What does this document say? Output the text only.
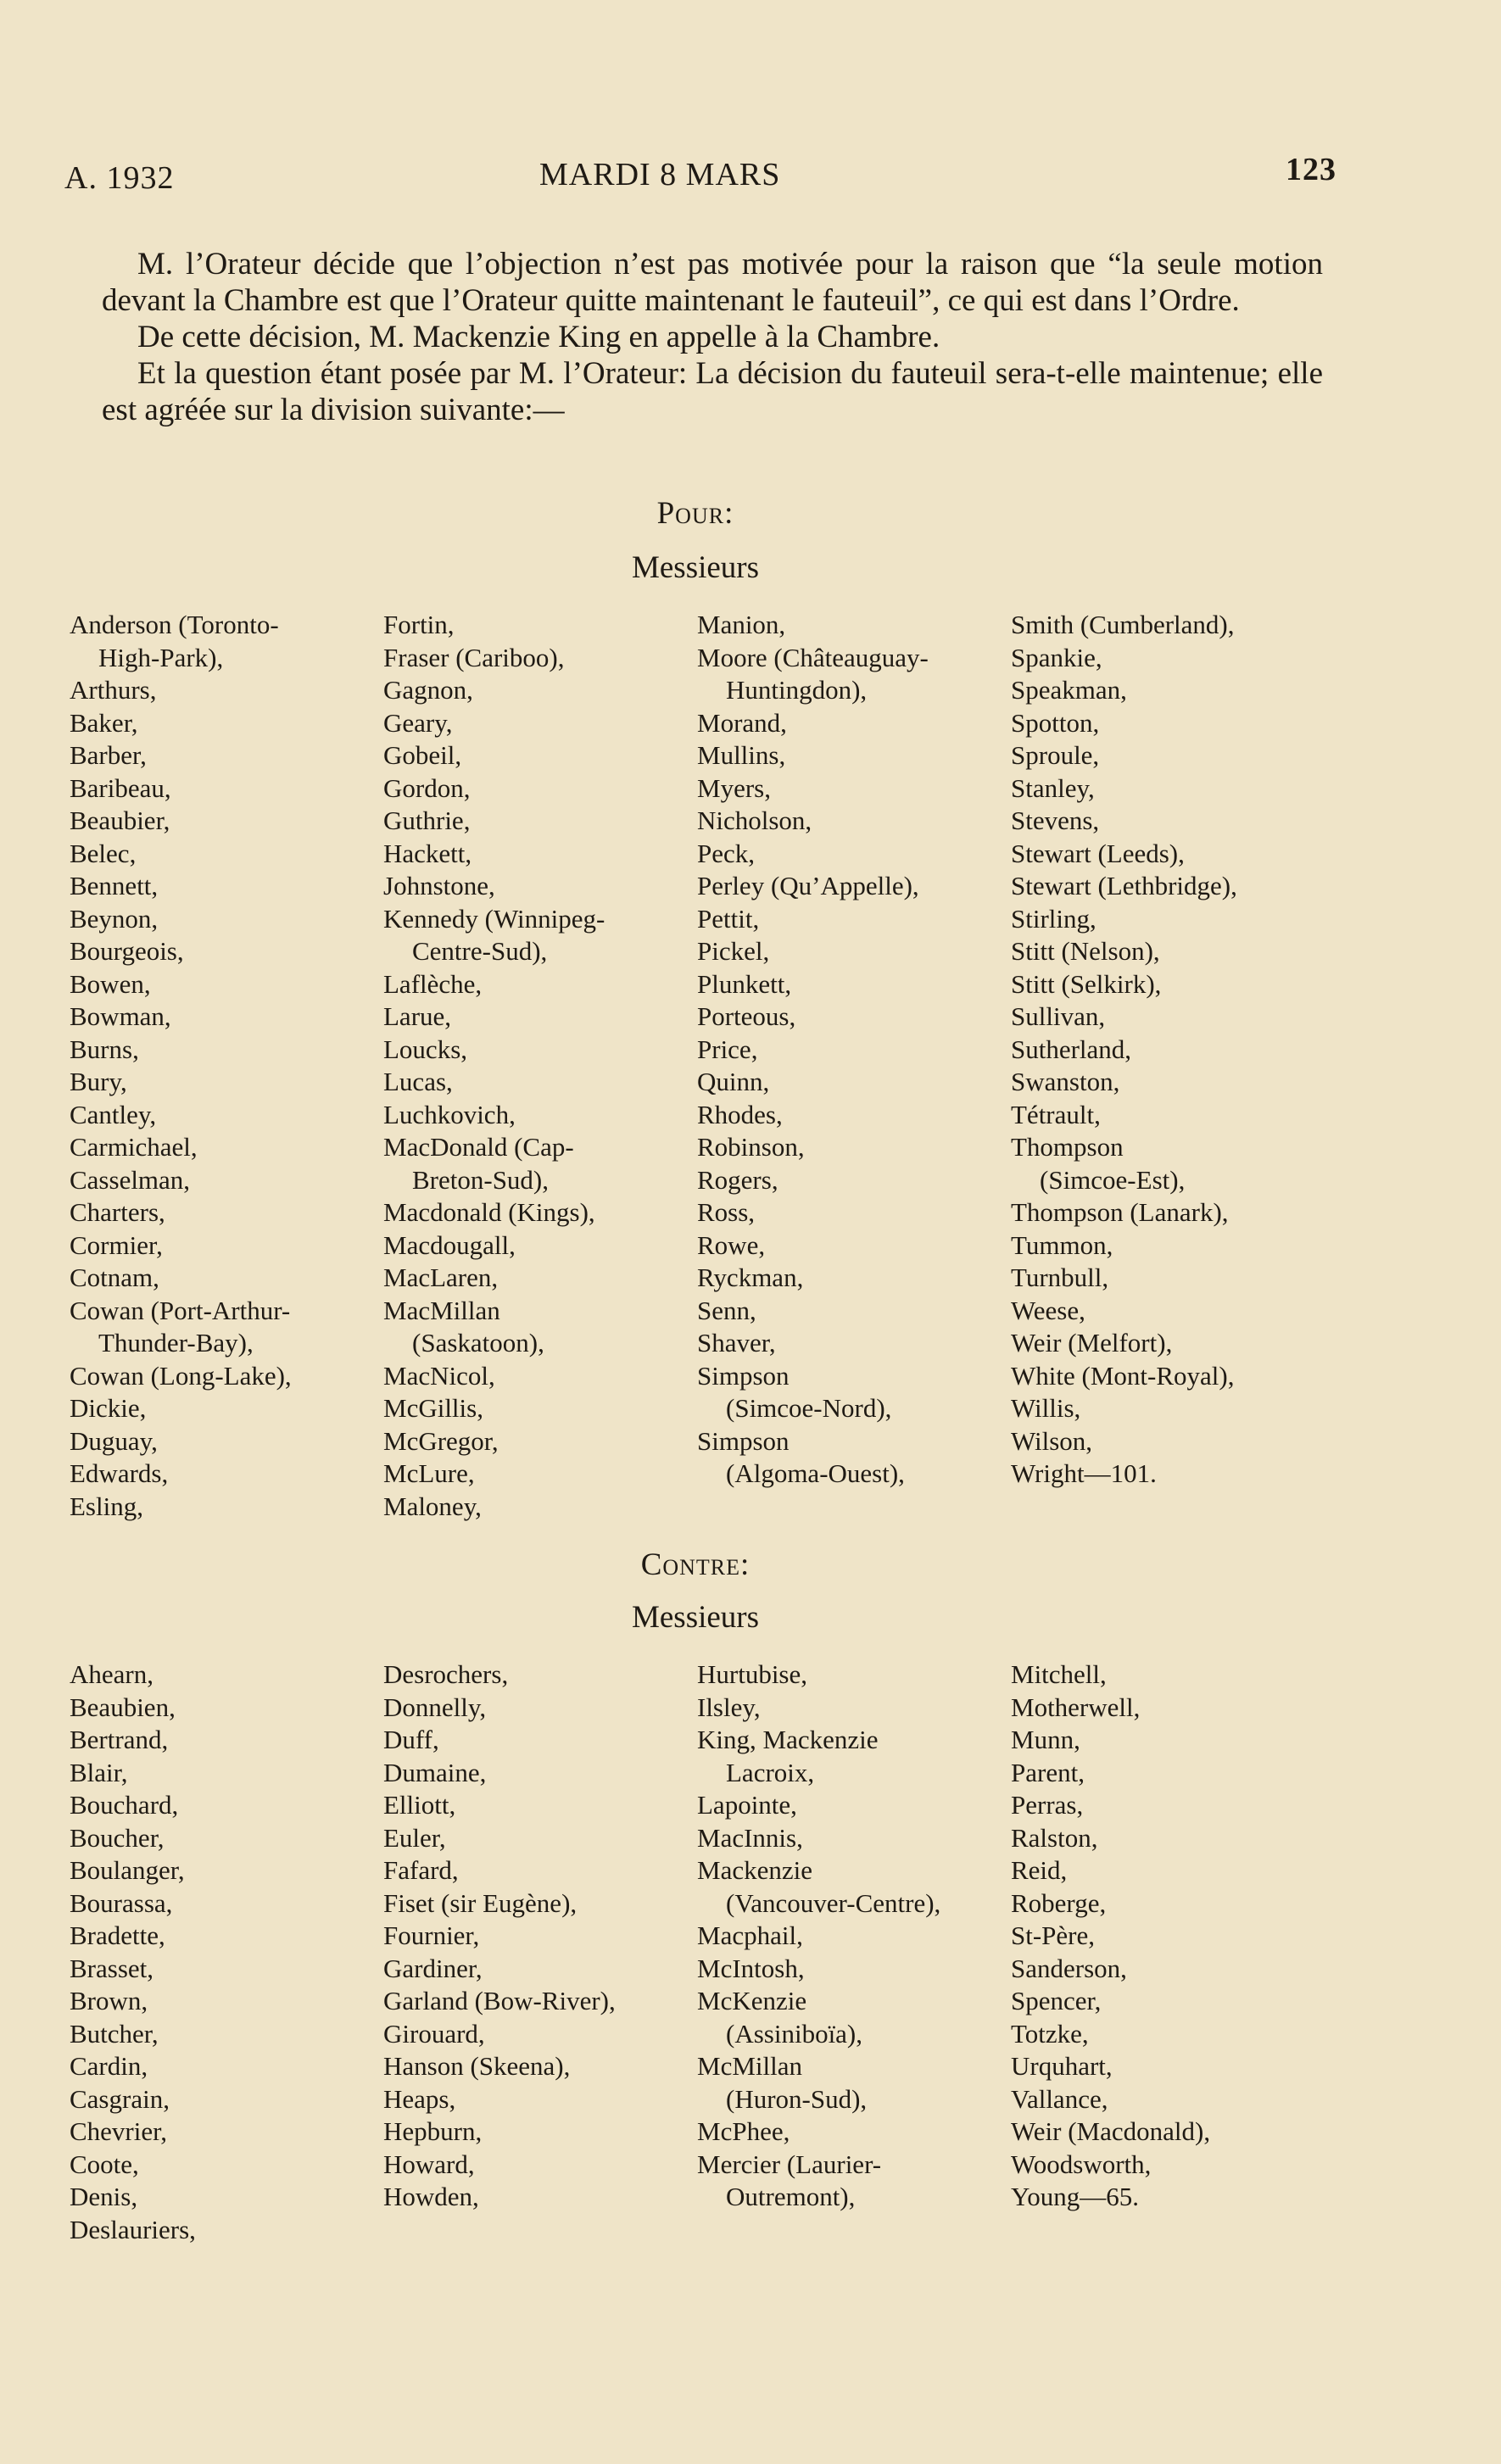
A. 1932	MARDI 8 MARS	123

M. l’Orateur décide que l’objection n’est pas motivée pour la raison que “la seule motion devant la Chambre est que l’Orateur quitte maintenant le fauteuil”, ce qui est dans l’Ordre.

De cette décision, M. Mackenzie King en appelle à la Chambre.

Et la question étant posée par M. l’Orateur: La décision du fauteuil sera-t-elle maintenue; elle est agréée sur la division suivante:—

Pour:
Messieurs
Anderson (Toronto-
High-Park),
Arthurs,
Baker,
Barber,
Baribeau,
Beaubier,
Belec,
Bennett,
Beynon,
Bourgeois,
Bowen,
Bowman,
Burns,
Bury,
Cantley,
Carmichael,
Casselman,
Charters,
Cormier,
Cotnam,
Cowan (Port-Arthur-
Thunder-Bay),
Cowan (Long-Lake),
Dickie,
Duguay,
Edwards,
Esling,
Fortin,
Fraser (Cariboo),
Gagnon,
Geary,
Gobeil,
Gordon,
Guthrie,
Hackett,
Johnstone,
Kennedy (Winnipeg-
Centre-Sud),
Laflèche,
Larue,
Loucks,
Lucas,
Luchkovich,
MacDonald (Cap-
Breton-Sud),
Macdonald (Kings),
Macdougall,
MacLaren,
MacMillan
(Saskatoon),
MacNicol,
McGillis,
McGregor,
McLure,
Maloney,
Manion,
Moore (Châteauguay-
Huntingdon),
Morand,
Mullins,
Myers,
Nicholson,
Peck,
Perley (Qu’Appelle),
Pettit,
Pickel,
Plunkett,
Porteous,
Price,
Quinn,
Rhodes,
Robinson,
Rogers,
Ross,
Rowe,
Ryckman,
Senn,
Shaver,
Simpson
(Simcoe-Nord),
Simpson
(Algoma-Ouest),
Smith (Cumberland),
Spankie,
Speakman,
Spotton,
Sproule,
Stanley,
Stevens,
Stewart (Leeds),
Stewart (Lethbridge),
Stirling,
Stitt (Nelson),
Stitt (Selkirk),
Sullivan,
Sutherland,
Swanston,
Tétrault,
Thompson
(Simcoe-Est),
Thompson (Lanark),
Tummon,
Turnbull,
Weese,
Weir (Melfort),
White (Mont-Royal),
Willis,
Wilson,
Wright—101.
Contre:
Messieurs
Ahearn,
Beaubien,
Bertrand,
Blair,
Bouchard,
Boucher,
Boulanger,
Bourassa,
Bradette,
Brasset,
Brown,
Butcher,
Cardin,
Casgrain,
Chevrier,
Coote,
Denis,
Deslauriers,
Desrochers,
Donnelly,
Duff,
Dumaine,
Elliott,
Euler,
Fafard,
Fiset (sir Eugène),
Fournier,
Gardiner,
Garland (Bow-River),
Girouard,
Hanson (Skeena),
Heaps,
Hepburn,
Howard,
Howden,
Hurtubise,
Ilsley,
King, Mackenzie
Lacroix,
Lapointe,
MacInnis,
Mackenzie
(Vancouver-Centre),
Macphail,
McIntosh,
McKenzie
(Assiniboïa),
McMillan
(Huron-Sud),
McPhee,
Mercier (Laurier-
Outremont),
Mitchell,
Motherwell,
Munn,
Parent,
Perras,
Ralston,
Reid,
Roberge,
St-Père,
Sanderson,
Spencer,
Totzke,
Urquhart,
Vallance,
Weir (Macdonald),
Woodsworth,
Young—65.
